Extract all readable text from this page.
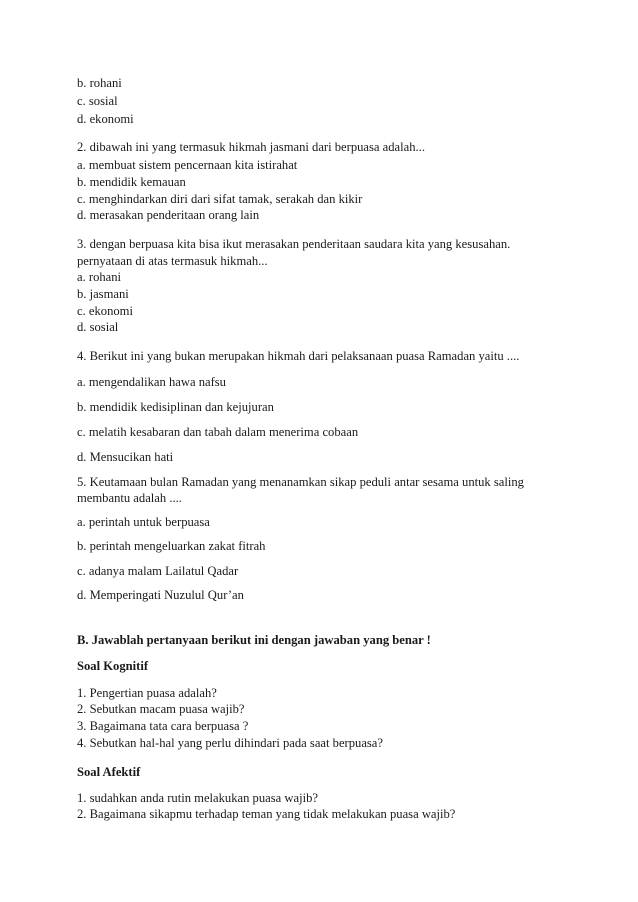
b. rohani
c. sosial
d. ekonomi
2. dibawah ini yang termasuk hikmah jasmani dari berpuasa adalah...
a. membuat sistem pencernaan kita istirahat
b. mendidik kemauan
c. menghindarkan diri dari sifat tamak, serakah dan kikir
d. merasakan penderitaan orang lain
3. dengan berpuasa kita bisa ikut merasakan penderitaan saudara kita yang kesusahan.
pernyataan di atas termasuk hikmah...
a. rohani
b. jasmani
c. ekonomi
d. sosial
4. Berikut ini yang bukan merupakan hikmah dari pelaksanaan puasa Ramadan yaitu ....
a. mengendalikan hawa nafsu
b. mendidik kedisiplinan dan kejujuran
c. melatih kesabaran dan tabah dalam menerima cobaan
d. Mensucikan hati
5. Keutamaan bulan Ramadan yang menanamkan sikap peduli antar sesama untuk saling
membantu adalah ....
a. perintah untuk berpuasa
b. perintah mengeluarkan zakat fitrah
c. adanya malam Lailatul Qadar
d. Memperingati Nuzulul Qur’an
B. Jawablah pertanyaan berikut ini dengan jawaban yang benar !
Soal Kognitif
1. Pengertian puasa adalah?
2. Sebutkan macam puasa wajib?
3. Bagaimana tata cara berpuasa ?
4. Sebutkan hal-hal yang perlu dihindari pada saat berpuasa?
Soal Afektif
1. sudahkan anda rutin melakukan puasa wajib?
2. Bagaimana sikapmu terhadap teman yang tidak melakukan puasa wajib?
